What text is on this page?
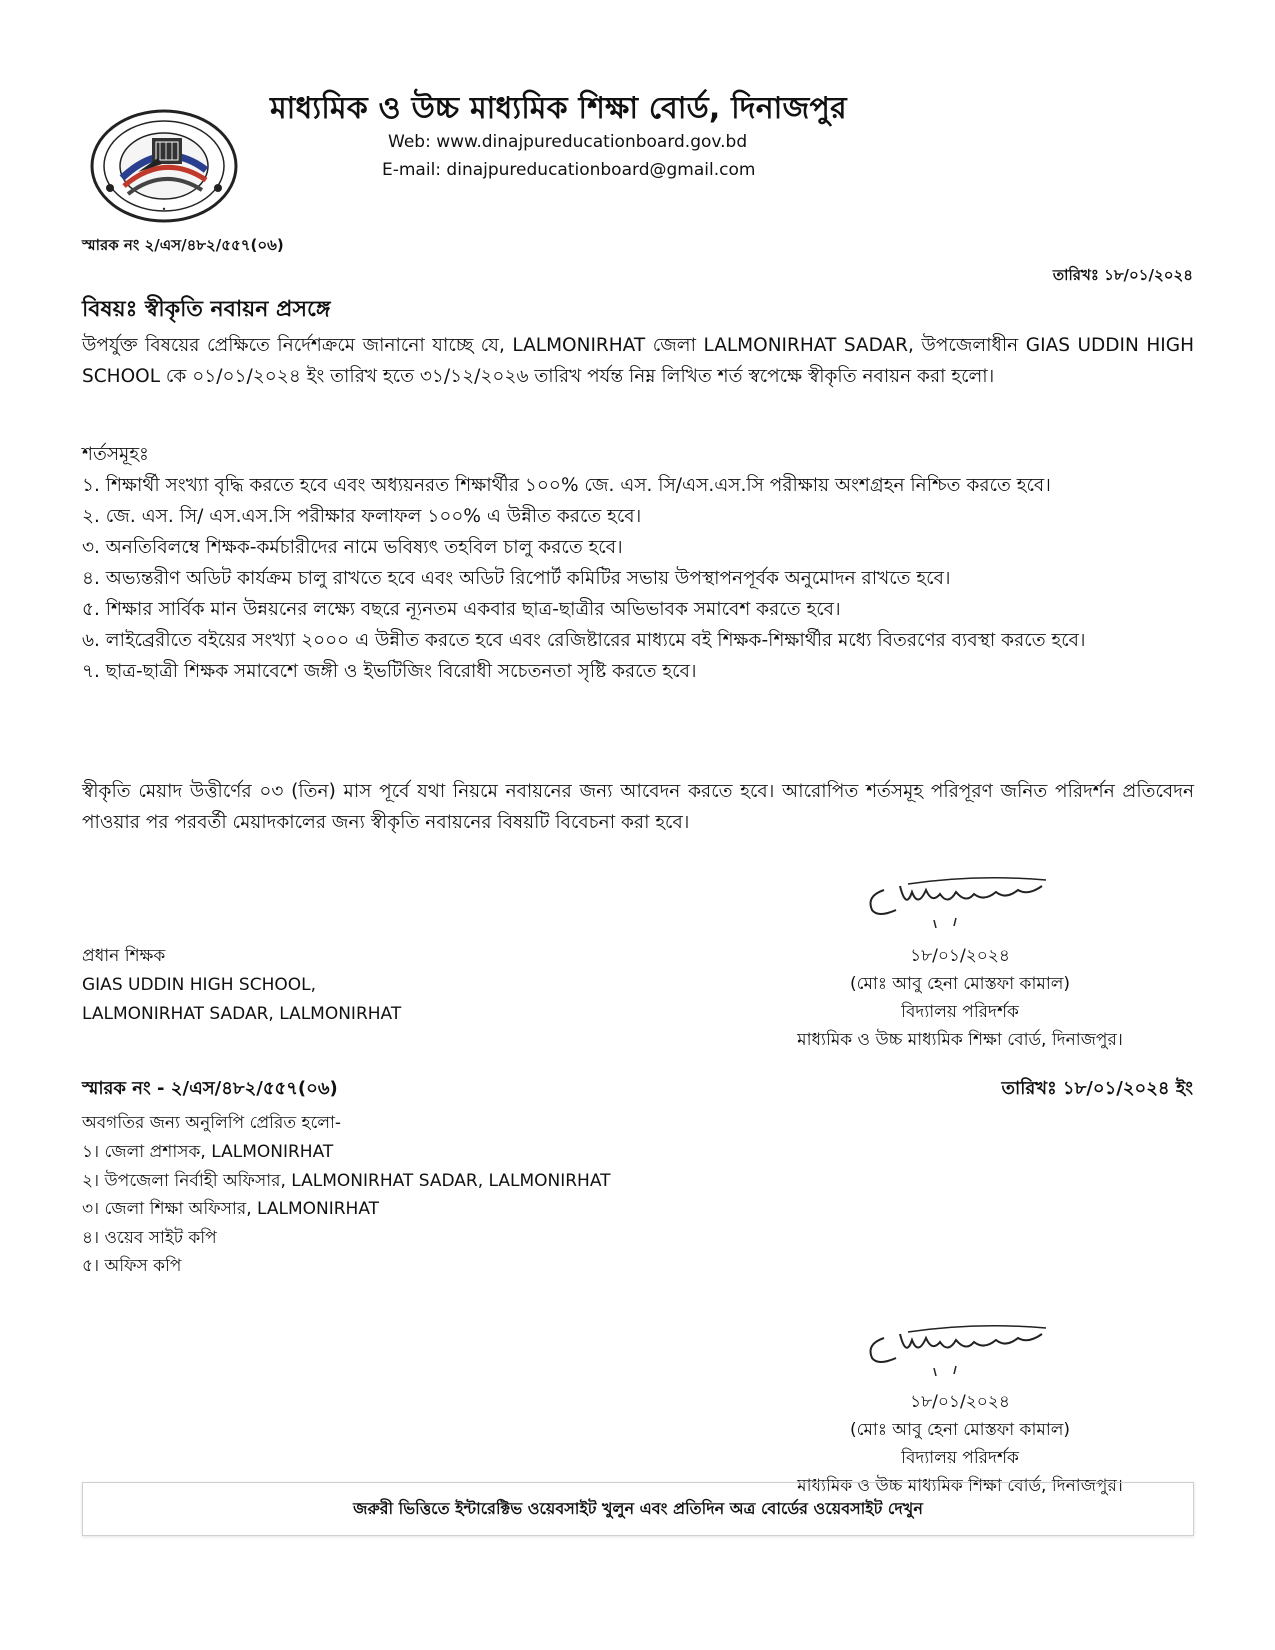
•
মাধ্যমিক ও উচ্চ মাধ্যমিক শিক্ষা বোর্ড, দিনাজপুর
Web: www.dinajpureducationboard.gov.bd
E-mail: dinajpureducationboard@gmail.com
স্মারক নং ২/এস/৪৮২/৫৫৭(০৬)
তারিখঃ ১৮/০১/২০২৪
বিষয়ঃ স্বীকৃতি নবায়ন প্রসঙ্গে
উপর্যুক্ত বিষয়ের প্রেক্ষিতে নির্দেশক্রমে জানানো যাচ্ছে যে, LALMONIRHAT জেলা LALMONIRHAT SADAR, উপজেলাধীন GIAS UDDIN HIGH SCHOOL কে ০১/০১/২০২৪ ইং তারিখ হতে ৩১/১২/২০২৬ তারিখ পর্যন্ত নিম্ন লিখিত শর্ত স্বপেক্ষে স্বীকৃতি নবায়ন করা হলো।
শর্তসমূহঃ
১. শিক্ষার্থী সংখ্যা বৃদ্ধি করতে হবে এবং অধ্যয়নরত শিক্ষার্থীর ১০০% জে. এস. সি/এস.এস.সি পরীক্ষায় অংশগ্রহন নিশ্চিত করতে হবে।
২. জে. এস. সি/ এস.এস.সি পরীক্ষার ফলাফল ১০০% এ উন্নীত করতে হবে।
৩. অনতিবিলম্বে শিক্ষক-কর্মচারীদের নামে ভবিষ্যৎ তহবিল চালু করতে হবে।
৪. অভ্যন্তরীণ অডিট কার্যক্রম চালু রাখতে হবে এবং অডিট রিপোর্ট কমিটির সভায় উপস্থাপনপূর্বক অনুমোদন রাখতে হবে।
৫. শিক্ষার সার্বিক মান উন্নয়নের লক্ষ্যে বছরে ন্যূনতম একবার ছাত্র-ছাত্রীর অভিভাবক সমাবেশ করতে হবে।
৬. লাইব্রেরীতে বইয়ের সংখ্যা ২০০০ এ উন্নীত করতে হবে এবং রেজিষ্টারের মাধ্যমে বই শিক্ষক-শিক্ষার্থীর মধ্যে বিতরণের ব্যবস্থা করতে হবে।
৭. ছাত্র-ছাত্রী শিক্ষক সমাবেশে জঙ্গী ও ইভটিজিং বিরোধী সচেতনতা সৃষ্টি করতে হবে।
স্বীকৃতি মেয়াদ উত্তীর্ণের ০৩ (তিন) মাস পূর্বে যথা নিয়মে নবায়নের জন্য আবেদন করতে হবে। আরোপিত শর্তসমূহ পরিপূরণ জনিত পরিদর্শন প্রতিবেদন পাওয়ার পর পরবর্তী মেয়াদকালের জন্য স্বীকৃতি নবায়নের বিষয়টি বিবেচনা করা হবে।
প্রধান শিক্ষক
GIAS UDDIN HIGH SCHOOL,
LALMONIRHAT SADAR, LALMONIRHAT
১৮/০১/২০২৪
(মোঃ আবু হেনা মোস্তফা কামাল)
বিদ্যালয় পরিদর্শক
মাধ্যমিক ও উচ্চ মাধ্যমিক শিক্ষা বোর্ড, দিনাজপুর।
স্মারক নং - ২/এস/৪৮২/৫৫৭(০৬)	তারিখঃ ১৮/০১/২০২৪ ইং
অবগতির জন্য অনুলিপি প্রেরিত হলো-
১। জেলা প্রশাসক, LALMONIRHAT
২। উপজেলা নির্বাহী অফিসার, LALMONIRHAT SADAR, LALMONIRHAT
৩। জেলা শিক্ষা অফিসার, LALMONIRHAT
৪। ওয়েব সাইট কপি
৫। অফিস কপি
১৮/০১/২০২৪
(মোঃ আবু হেনা মোস্তফা কামাল)
বিদ্যালয় পরিদর্শক
মাধ্যমিক ও উচ্চ মাধ্যমিক শিক্ষা বোর্ড, দিনাজপুর।
জরুরী ভিত্তিতে ইন্টারেক্টিভ ওয়েবসাইট খুলুন এবং প্রতিদিন অত্র বোর্ডের ওয়েবসাইট দেখুন
